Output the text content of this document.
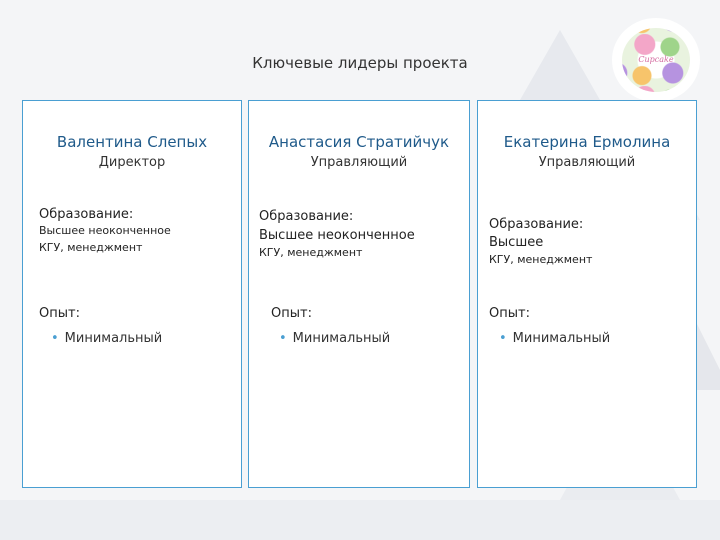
Cupcake
Ключевые лидеры проекта
Валентина Слепых
Директор
Образование:
Высшее неоконченное
КГУ, менеджмент
Опыт:
• Минимальный
Анастасия Стратийчук
Управляющий
Образование:
Высшее неоконченное
КГУ, менеджмент
Опыт:
• Минимальный
Екатерина Ермолина
Управляющий
Образование:
Высшее
КГУ, менеджмент
Опыт:
• Минимальный
